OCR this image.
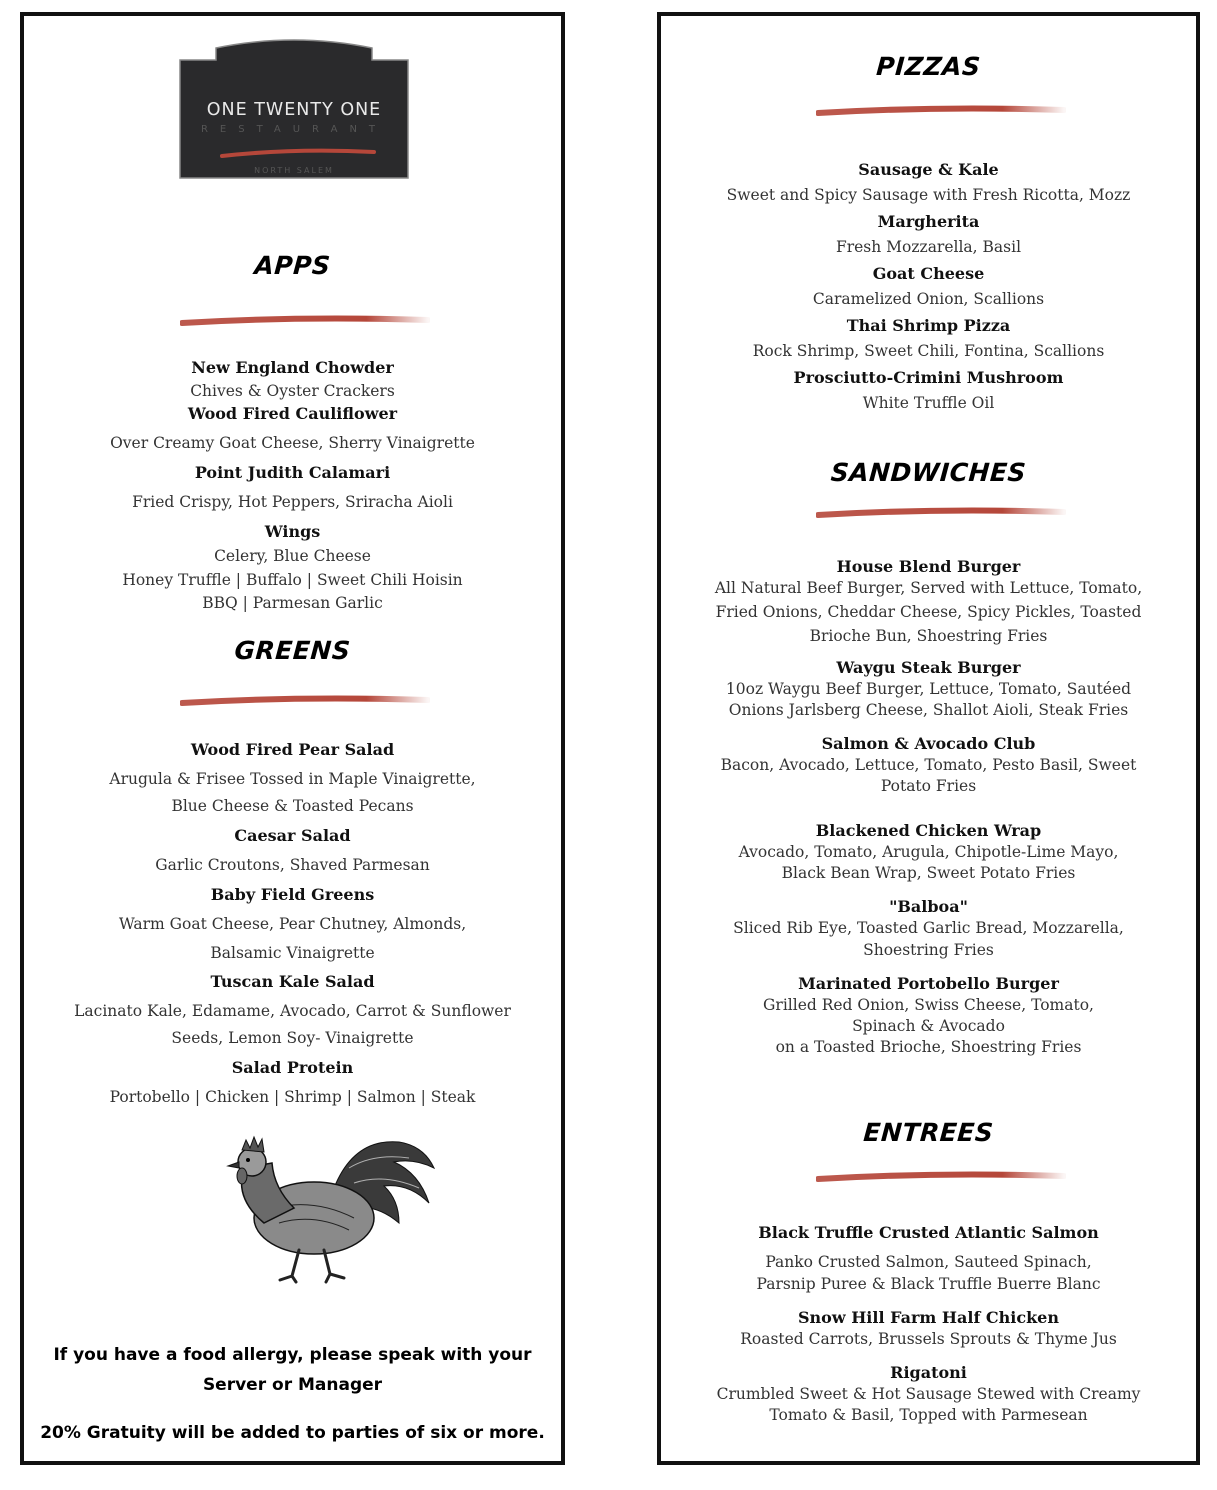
ONE TWENTY ONE
RESTAURANT
NORTH SALEM
APPS
New England Chowder
Chives & Oyster Crackers
Wood Fired Cauliflower
Over Creamy Goat Cheese, Sherry Vinaigrette
Point Judith Calamari
Fried Crispy, Hot Peppers, Sriracha Aioli
Wings
Celery, Blue Cheese
Honey Truffle | Buffalo | Sweet Chili Hoisin
BBQ | Parmesan Garlic
GREENS
Wood Fired Pear Salad
Arugula & Frisee Tossed in Maple Vinaigrette,
Blue Cheese & Toasted Pecans
Caesar Salad
Garlic Croutons, Shaved Parmesan
Baby Field Greens
Warm Goat Cheese, Pear Chutney, Almonds,
Balsamic Vinaigrette
Tuscan Kale Salad
Lacinato Kale, Edamame, Avocado, Carrot & Sunflower
Seeds, Lemon Soy- Vinaigrette
Salad Protein
Portobello | Chicken | Shrimp | Salmon | Steak
If you have a food allergy, please speak with your
Server or Manager
20% Gratuity will be added to parties of six or more.
PIZZAS
Sausage & Kale
Sweet and Spicy Sausage with Fresh Ricotta, Mozz
Margherita
Fresh Mozzarella, Basil
Goat Cheese
Caramelized Onion, Scallions
Thai Shrimp Pizza
Rock Shrimp, Sweet Chili, Fontina, Scallions
Prosciutto-Crimini Mushroom
White Truffle Oil
SANDWICHES
House Blend Burger
All Natural Beef Burger, Served with Lettuce, Tomato,
Fried Onions, Cheddar Cheese, Spicy Pickles, Toasted
Brioche Bun, Shoestring Fries
Waygu Steak Burger
10oz Waygu Beef Burger, Lettuce, Tomato, Sautéed
Onions Jarlsberg Cheese, Shallot Aioli, Steak Fries
Salmon & Avocado Club
Bacon, Avocado, Lettuce, Tomato, Pesto Basil, Sweet
Potato Fries
Blackened Chicken Wrap
Avocado, Tomato, Arugula, Chipotle-Lime Mayo,
Black Bean Wrap, Sweet Potato Fries
"Balboa"
Sliced Rib Eye, Toasted Garlic Bread, Mozzarella,
Shoestring Fries
Marinated Portobello Burger
Grilled Red Onion, Swiss Cheese, Tomato,
Spinach & Avocado
on a Toasted Brioche, Shoestring Fries
ENTREES
Black Truffle Crusted Atlantic Salmon
Panko Crusted Salmon, Sauteed Spinach,
Parsnip Puree & Black Truffle Buerre Blanc
Snow Hill Farm Half Chicken
Roasted Carrots, Brussels Sprouts & Thyme Jus
Rigatoni
Crumbled Sweet & Hot Sausage Stewed with Creamy
Tomato & Basil, Topped with Parmesean
